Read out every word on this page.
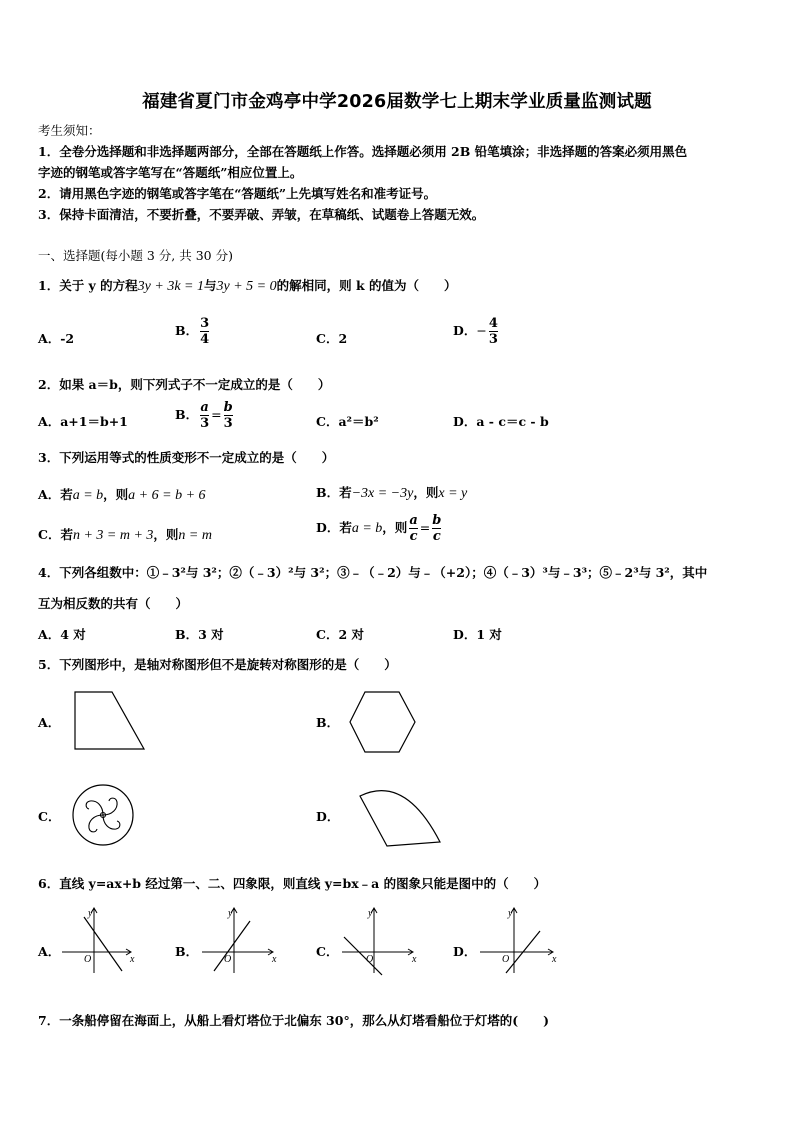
福建省夏门市金鸡亭中学2026届数学七上期末学业质量监测试题
考生须知：
1．全卷分选择题和非选择题两部分，全部在答题纸上作答。选择题必须用 2B 铅笔填涂；非选择题的答案必须用黑色
字迹的钢笔或答字笔写在“答题纸”相应位置上。
2．请用黑色字迹的钢笔或答字笔在“答题纸”上先填写姓名和准考证号。
3．保持卡面清洁，不要折叠，不要弄破、弄皱，在草稿纸、试题卷上答题无效。
一、选择题(每小题 3 分, 共 30 分)
1．关于 y 的方程3y + 3k = 1与3y + 5 = 0的解相同，则 k 的值为（　　）
A．-2
B． $\frac{3}{4}$	C．2
D．− $\frac{4}{3}$
2．如果 a＝b，则下列式子不一定成立的是（　　）
A．a+1＝b+1	B． $\frac{a}{3} = \frac{b}{3}$	C．a²＝b²	D．a - c＝c - b
3．下列运用等式的性质变形不一定成立的是（　　）
A．若a = b，则a + 6 = b + 6	B．若−3x = −3y，则x = y
C．若n + 3 = m + 3，则n = m
D．若a = b，则 $\frac{a}{c} = \frac{b}{c}$
4．下列各组数中：①﹣3²与 3²；②（﹣3）²与 3²；③﹣（﹣2）与﹣（+2）；④（﹣3）³与﹣3³；⑤﹣2³与 3²，其中
互为相反数的共有（　　）
A．4 对	B．3 对	C．2 对	D．1 对
5．下列图形中，是轴对称图形但不是旋转对称图形的是（　　）
A．	B．
C．	D．
6．直线 y=ax+b 经过第一、二、四象限，则直线 y=bx﹣a 的图象只能是图中的（　　）
A．	B．	C．	D．
y
x
O
y
x
O
y
x
O
y
x
O
7．一条船停留在海面上，从船上看灯塔位于北偏东 30°，那么从灯塔看船位于灯塔的(　　)
